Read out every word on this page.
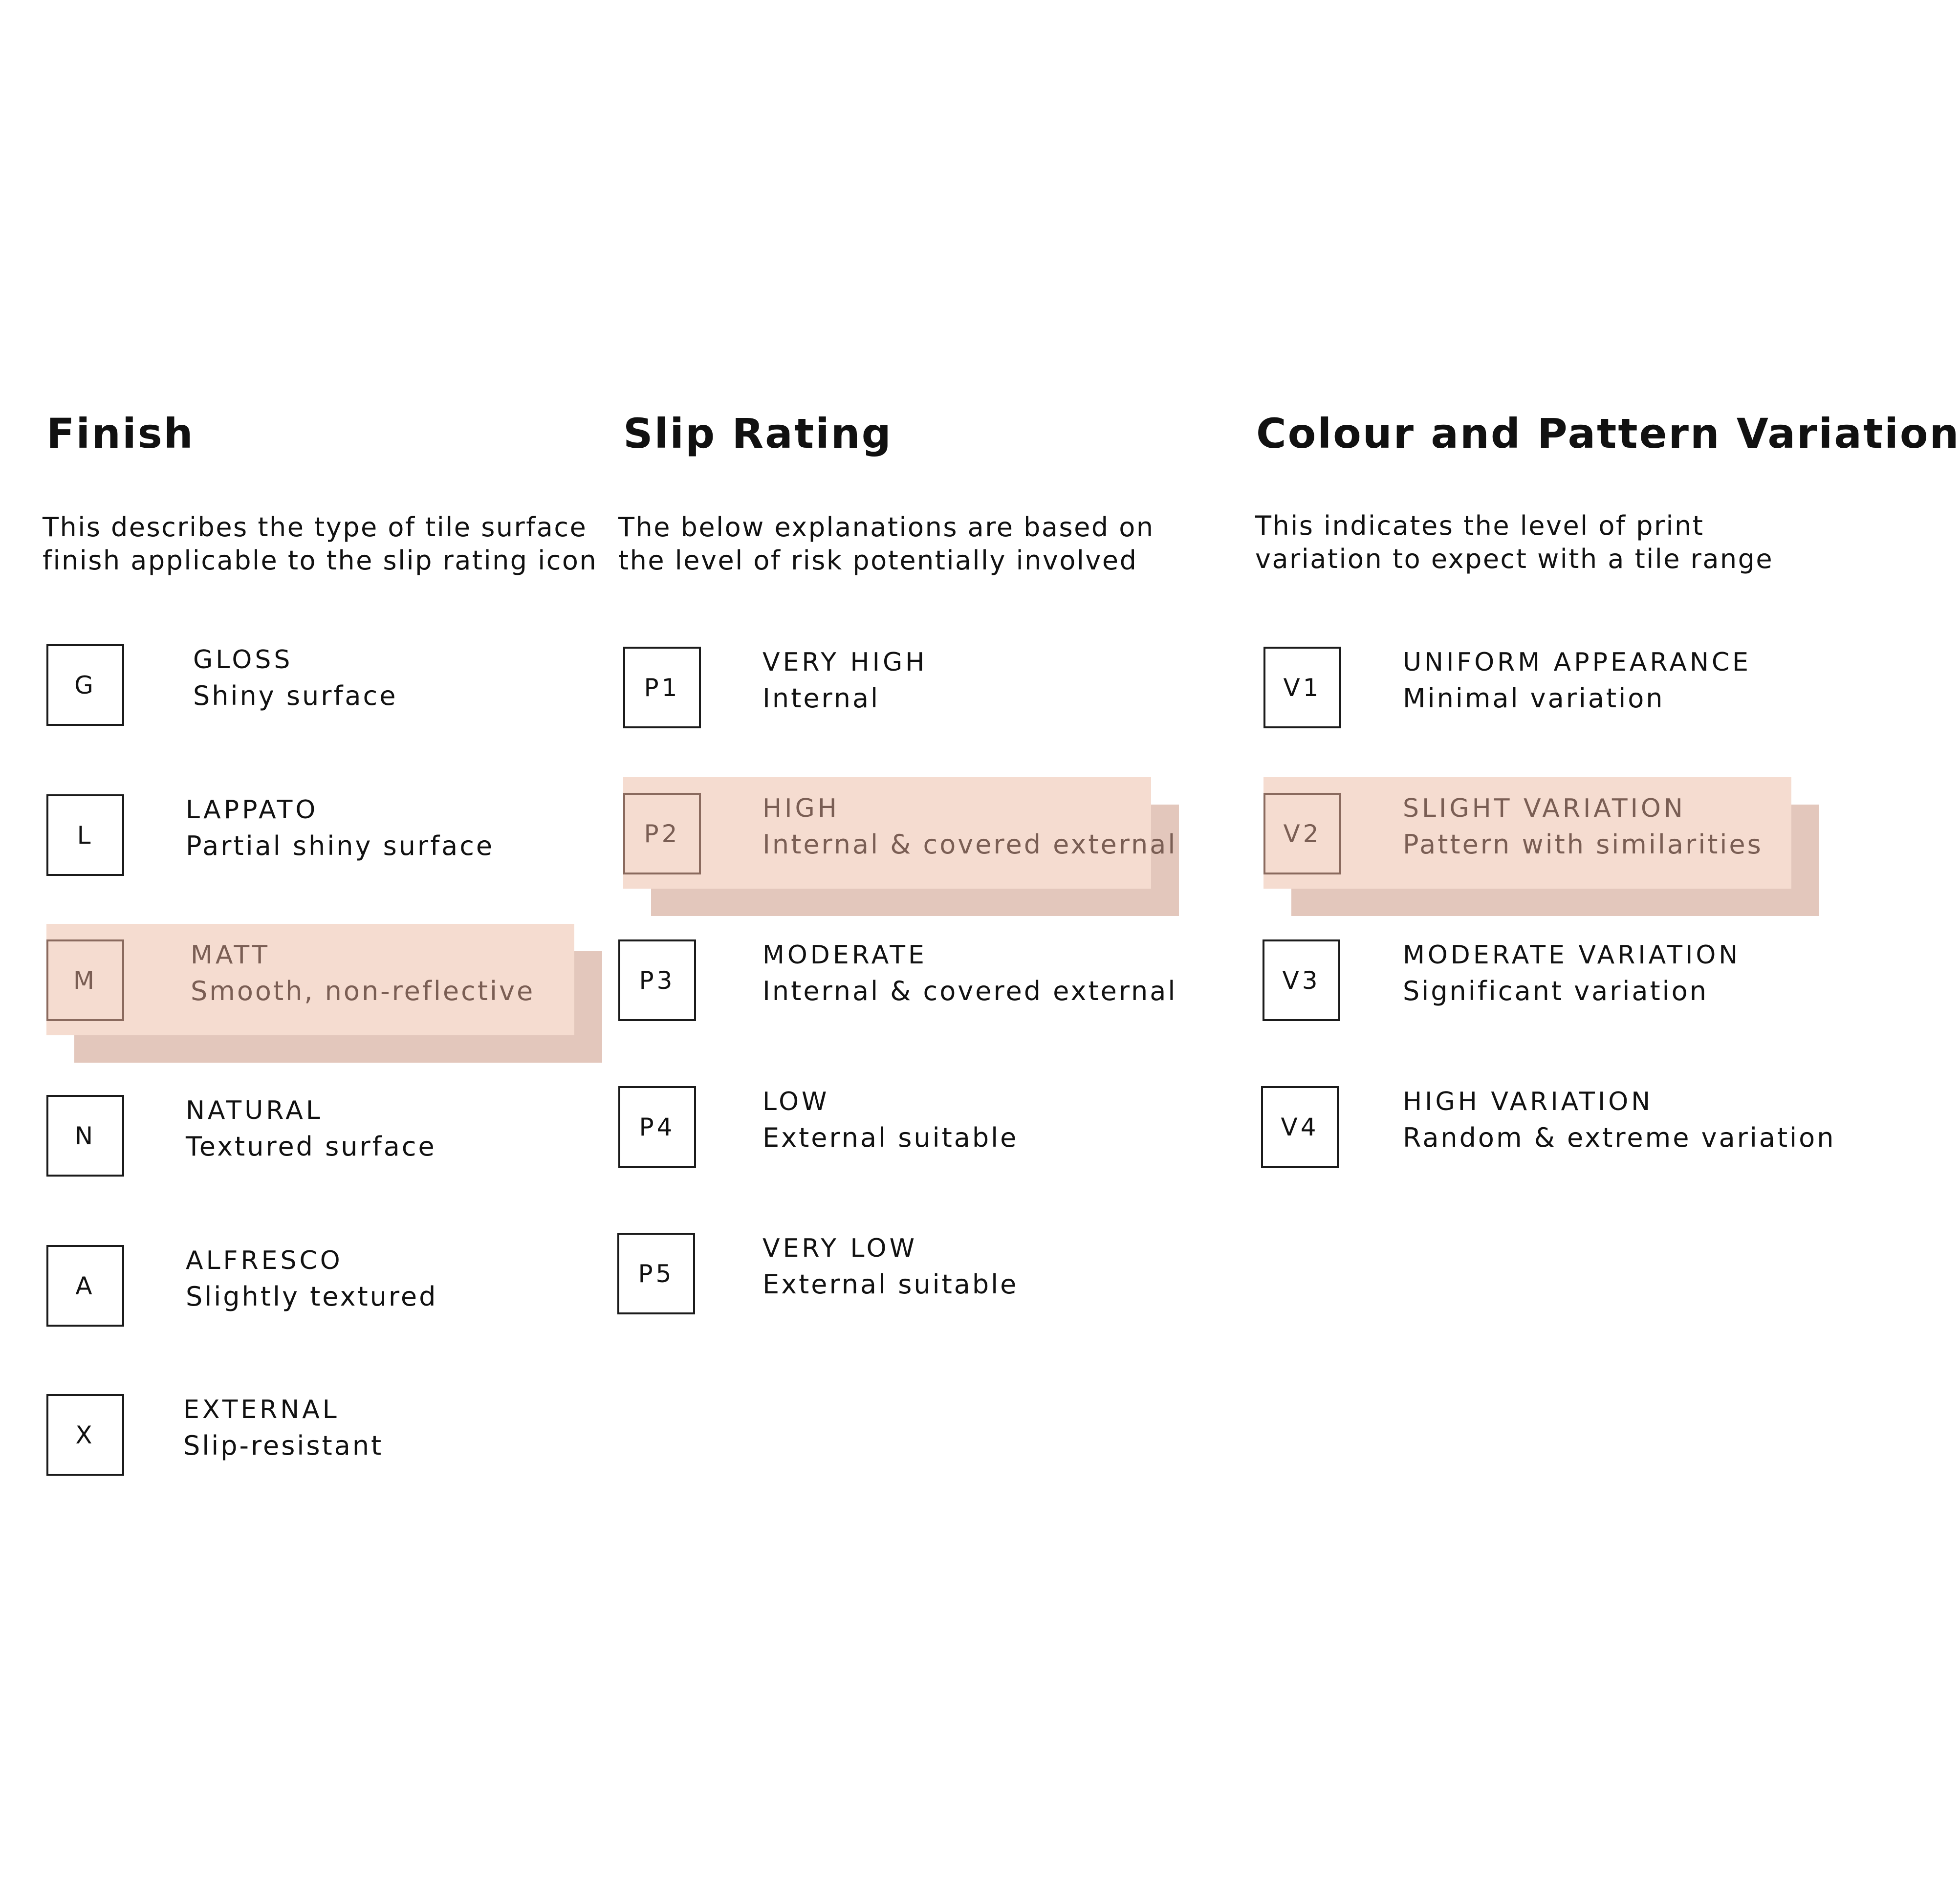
Finish

This describes the type of tile surface
finish applicable to the slip rating icon

G
GLOSS
Shiny surface
L
LAPPATO
Partial shiny surface
M
MATT
Smooth, non-reflective
N
NATURAL
Textured surface
A
ALFRESCO
Slightly textured
X
EXTERNAL
Slip-resistant
Slip Rating

The below explanations are based on
the level of risk potentially involved

P1
VERY HIGH
Internal
P2
HIGH
Internal & covered external
P3
MODERATE
Internal & covered external
P4
LOW
External suitable
P5
VERY LOW
External suitable
Colour and Pattern Variation

This indicates the level of print
variation to expect with a tile range

V1
UNIFORM APPEARANCE
Minimal variation
V2
SLIGHT VARIATION
Pattern with similarities
V3
MODERATE VARIATION
Significant variation
V4
HIGH VARIATION
Random & extreme variation
